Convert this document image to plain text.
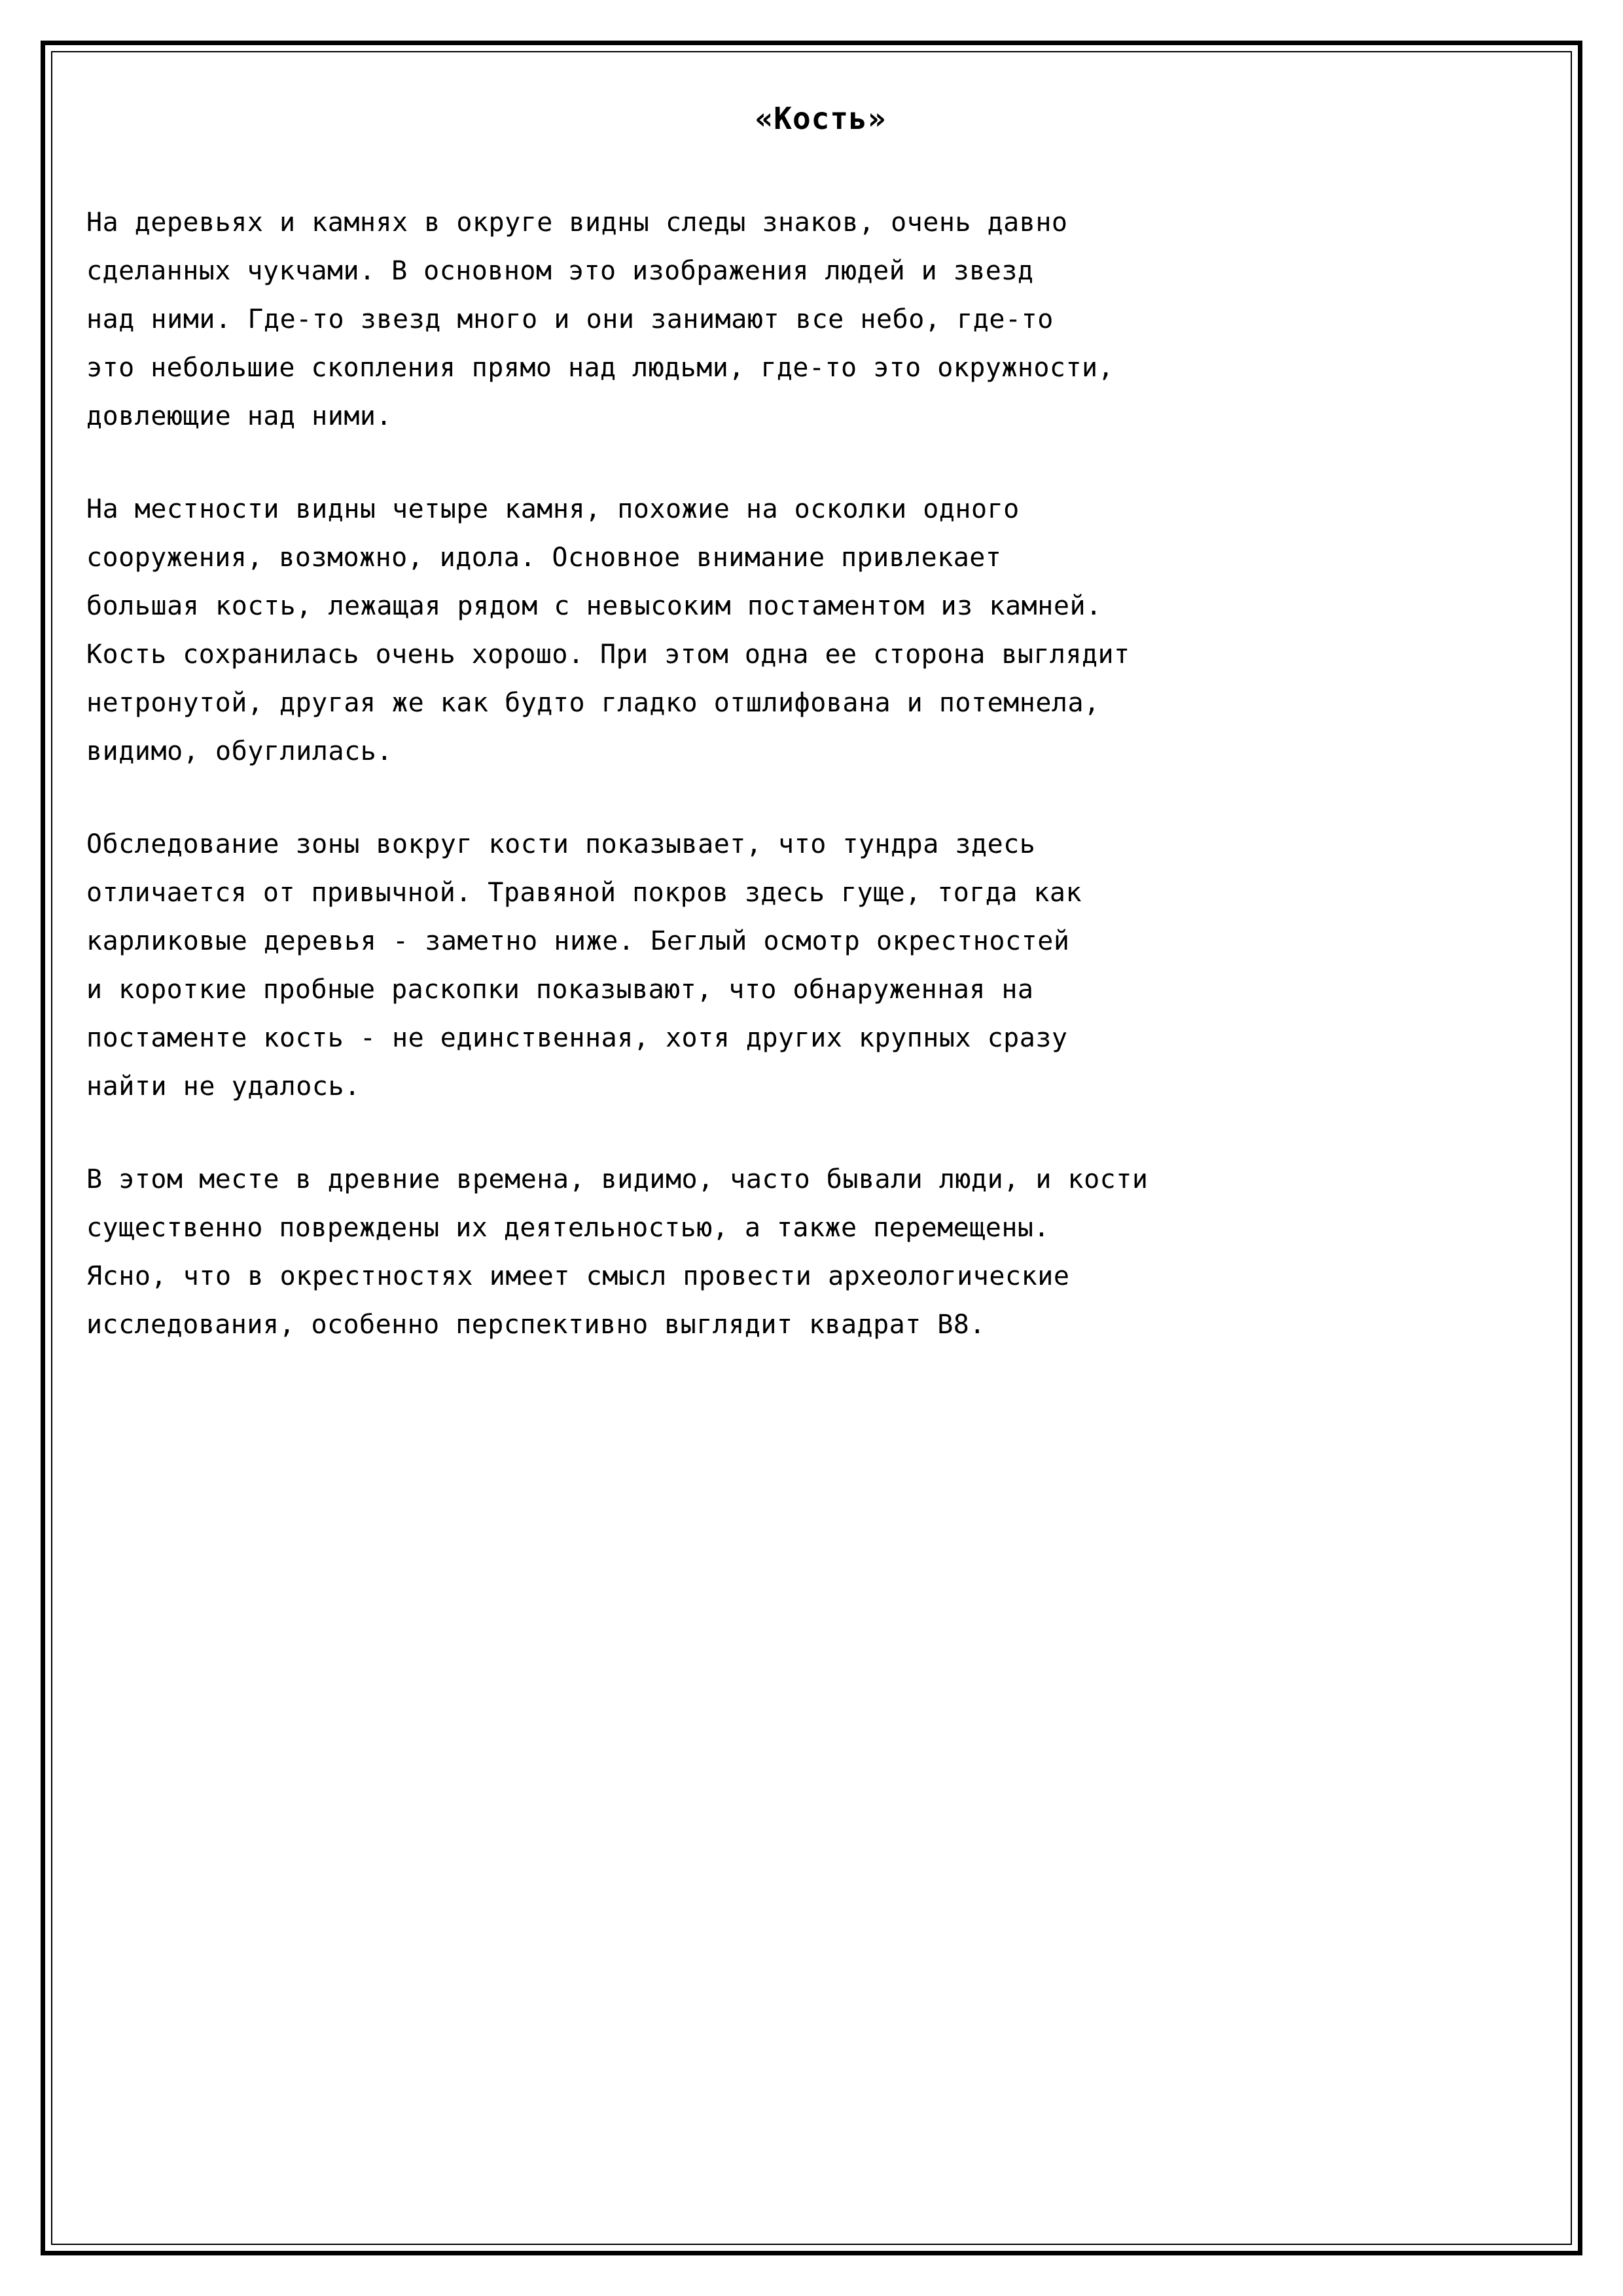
«Кость»
На деревьях и камнях в округе видны следы знаков, очень давно
сделанных чукчами. В основном это изображения людей и звезд
над ними. Где-то звезд много и они занимают все небо, где-то
это небольшие скопления прямо над людьми, где-то это окружности,
довлеющие над ними.
На местности видны четыре камня, похожие на осколки одного
сооружения, возможно, идола. Основное внимание привлекает
большая кость, лежащая рядом с невысоким постаментом из камней.
Кость сохранилась очень хорошо. При этом одна ее сторона выглядит
нетронутой, другая же как будто гладко отшлифована и потемнела,
видимо, обуглилась.
Обследование зоны вокруг кости показывает, что тундра здесь
отличается от привычной. Травяной покров здесь гуще, тогда как
карликовые деревья - заметно ниже. Беглый осмотр окрестностей
и короткие пробные раскопки показывают, что обнаруженная на
постаменте кость - не единственная, хотя других крупных сразу
найти не удалось.
В этом месте в древние времена, видимо, часто бывали люди, и кости
существенно повреждены их деятельностью, а также перемещены.
Ясно, что в окрестностях имеет смысл провести археологические
исследования, особенно перспективно выглядит квадрат B8.
